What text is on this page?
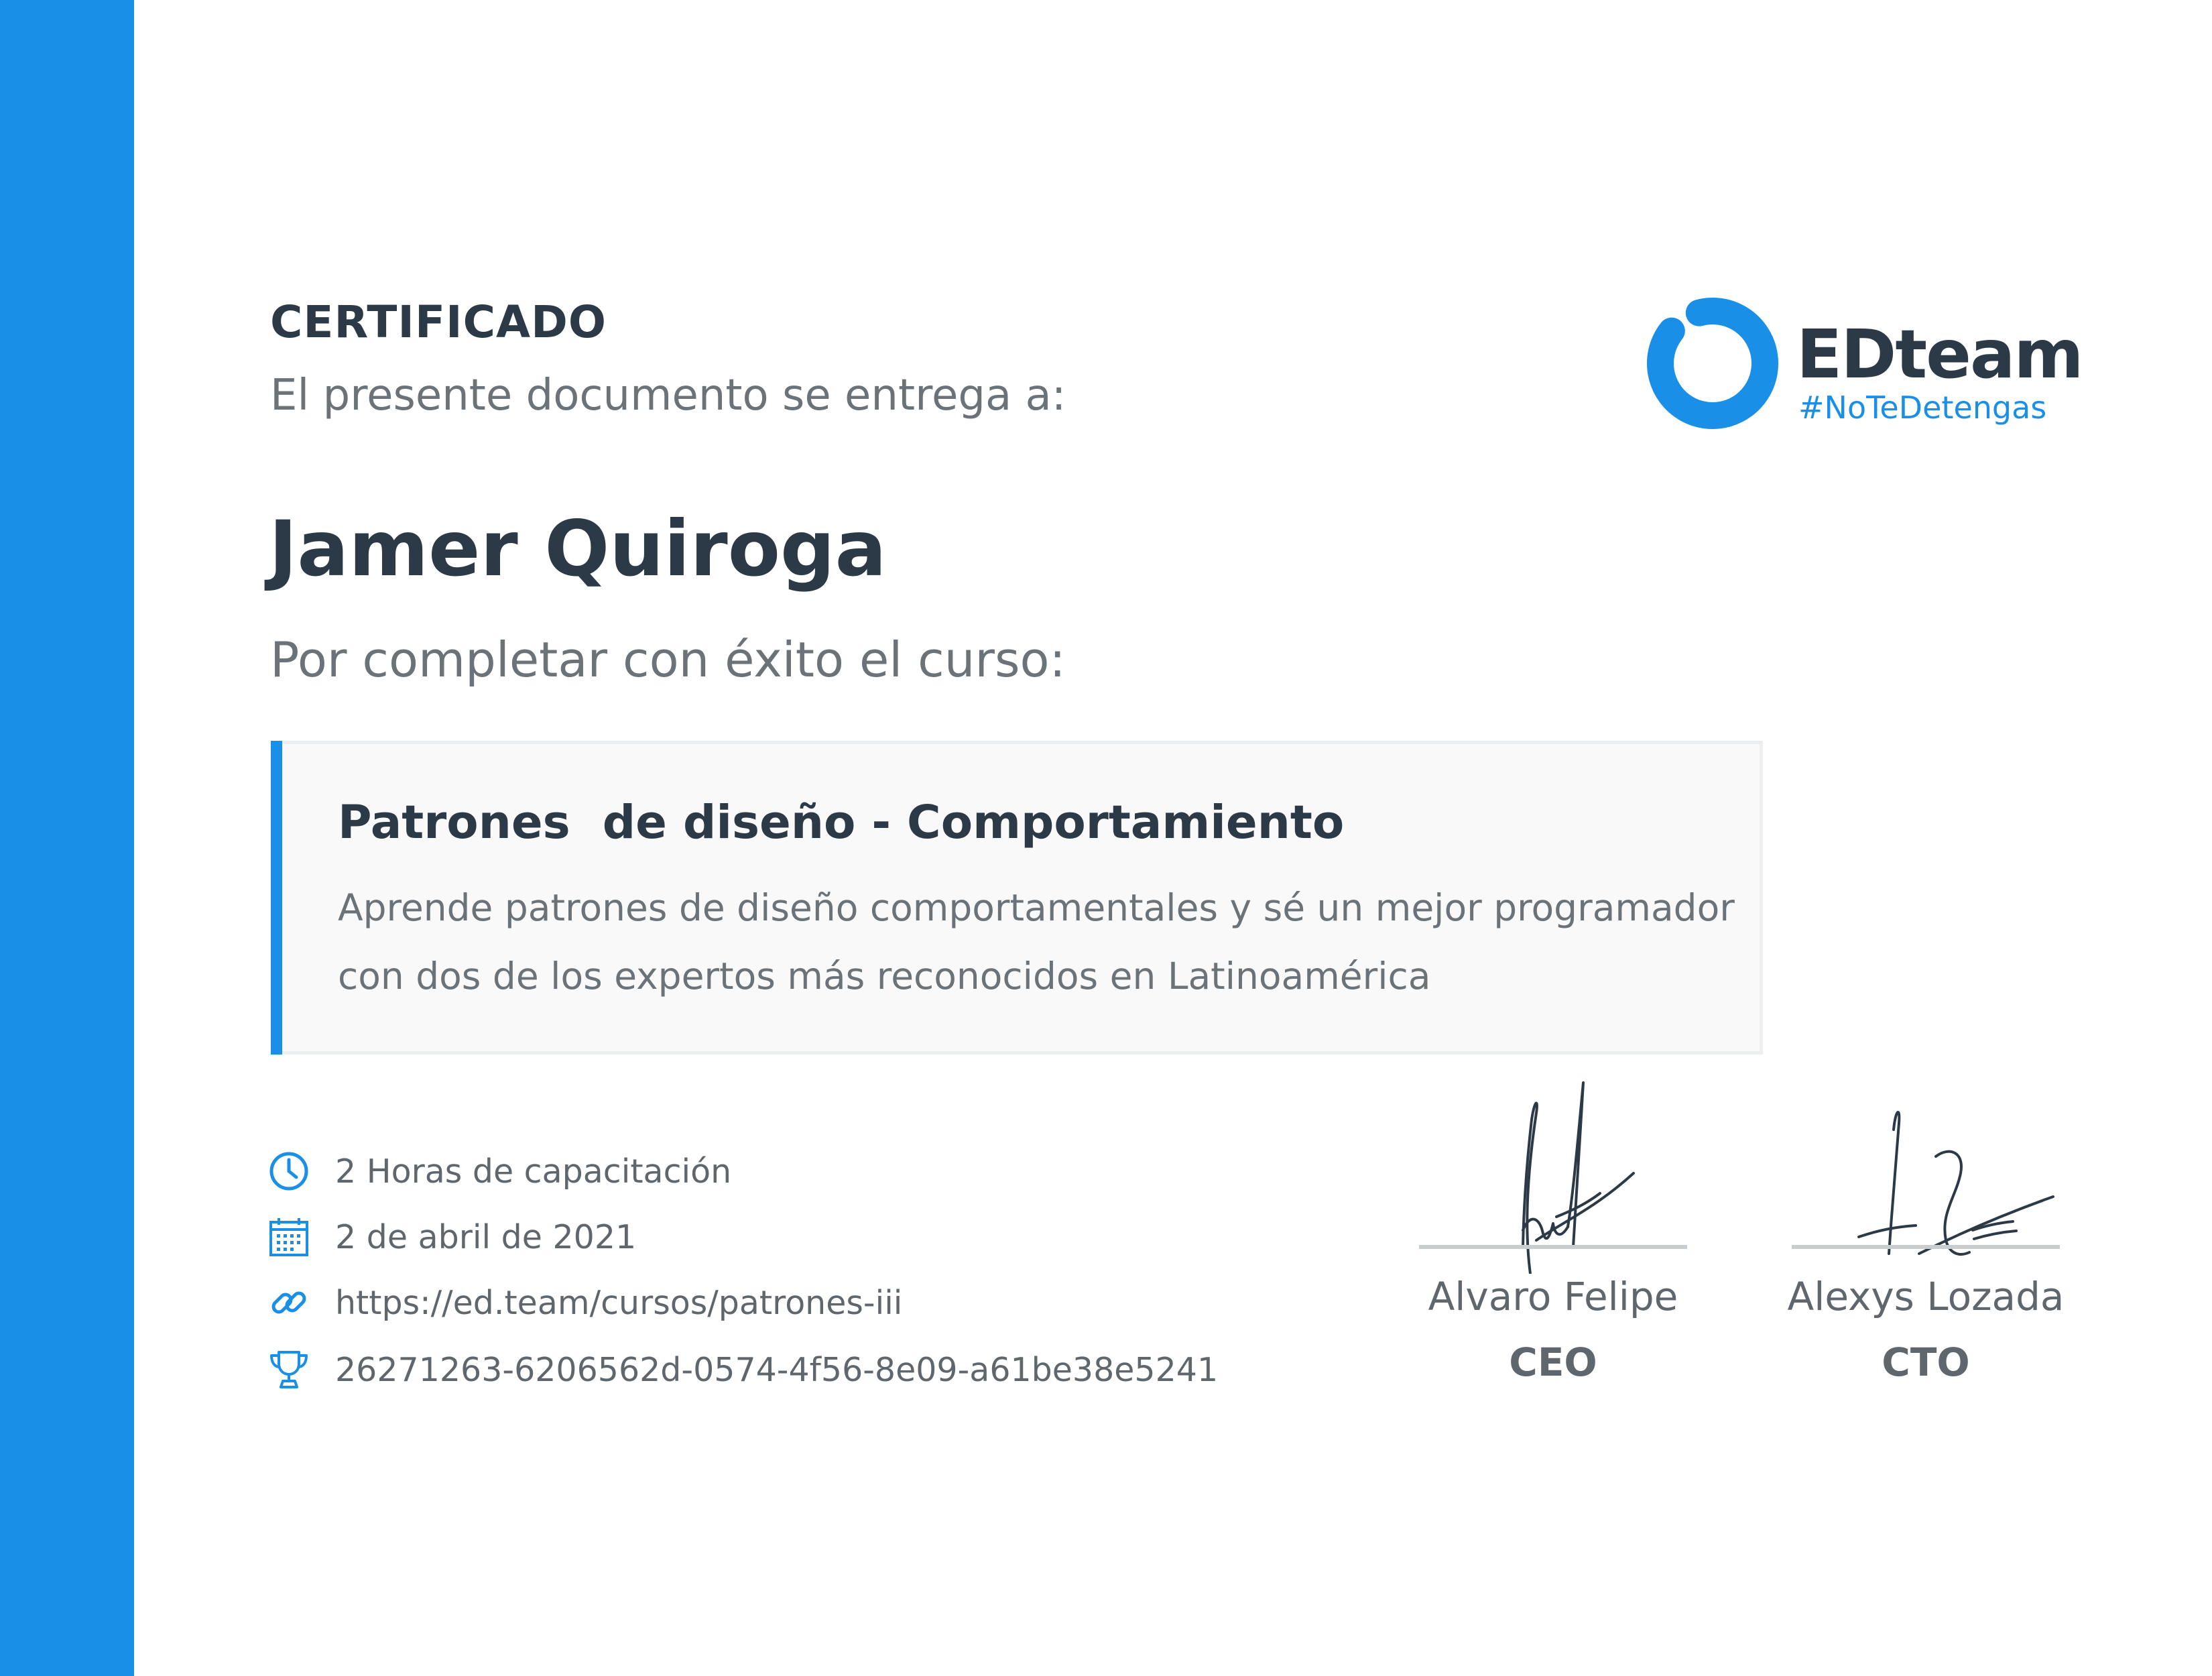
CERTIFICADO
El presente documento se entrega a:
Jamer Quiroga
Por completar con éxito el curso:
EDteam
#NoTeDetengas
Patrones  de diseño - Comportamiento
Aprende patrones de diseño comportamentales y sé un mejor programador
con dos de los expertos más reconocidos en Latinoamérica
2 Horas de capacitación
2 de abril de 2021
https://ed.team/cursos/patrones-iii
26271263-6206562d-0574-4f56-8e09-a61be38e5241
Alvaro Felipe
CEO
Alexys Lozada
CTO
